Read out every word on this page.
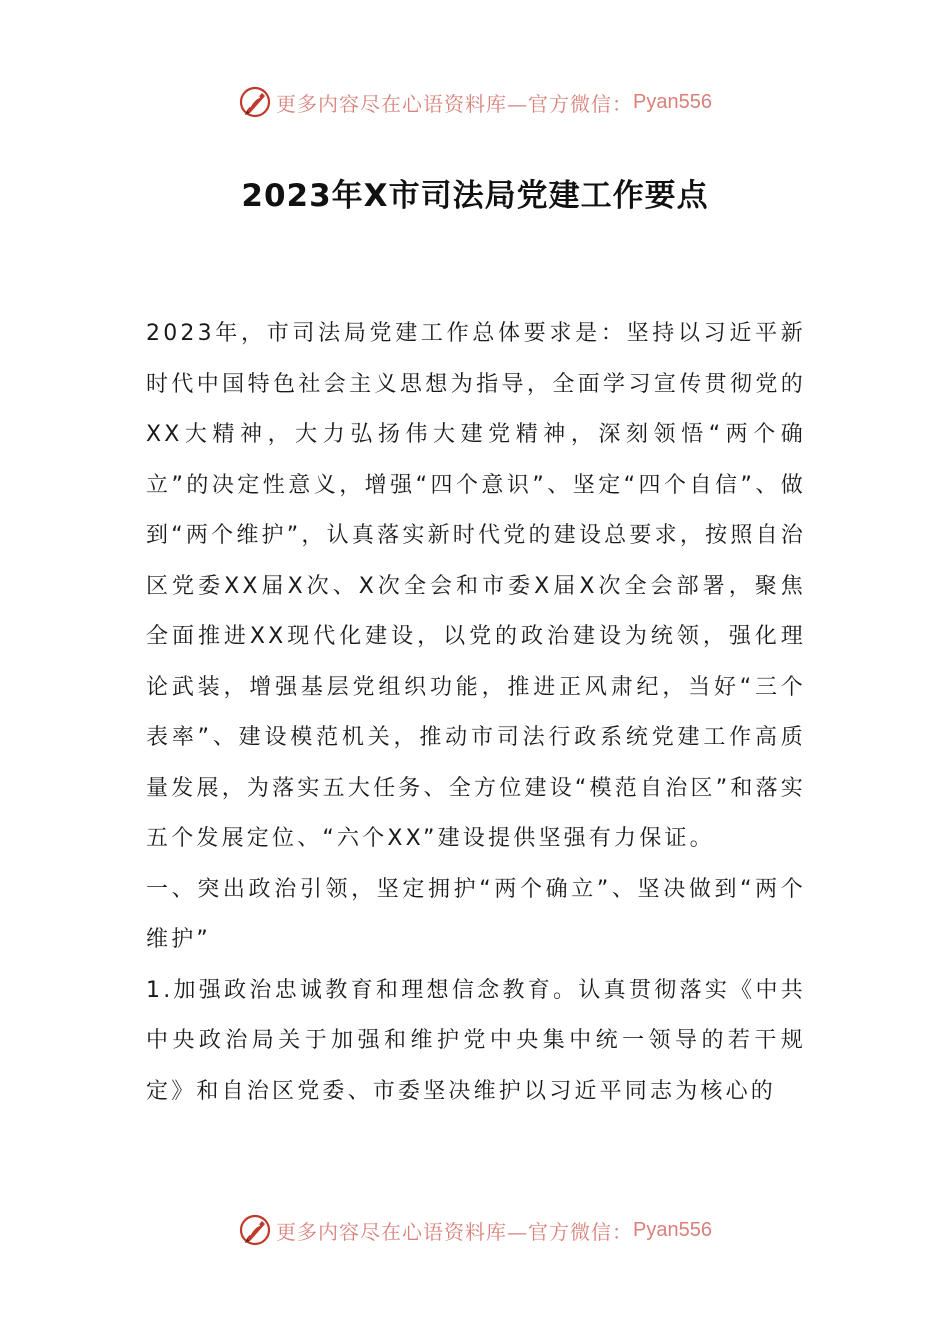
更多内容尽在心语资料库—官方微信： Pyan556
2023年X市司法局党建工作要点

2023年，市司法局党建工作总体要求是：坚持以习近平新时代中国特色社会主义思想为指导，全面学习宣传贯彻党的XX大精神，大力弘扬伟大建党精神，深刻领悟“两个确立”的决定性意义，增强“四个意识”、坚定“四个自信”、做到“两个维护”，认真落实新时代党的建设总要求，按照自治区党委XX届X次、X次全会和市委X届X次全会部署，聚焦全面推进XX现代化建设，以党的政治建设为统领，强化理论武装，增强基层党组织功能，推进正风肃纪，当好“三个表率”、建设模范机关，推动市司法行政系统党建工作高质量发展，为落实五大任务、全方位建设“模范自治区”和落实五个发展定位、“六个XX”建设提供坚强有力保证。

一、突出政治引领，坚定拥护“两个确立”、坚决做到“两个维护”

1.加强政治忠诚教育和理想信念教育。认真贯彻落实《中共中央政治局关于加强和维护党中央集中统一领导的若干规定》和自治区党委、市委坚决维护以习近平同志为核心的

更多内容尽在心语资料库—官方微信： Pyan556
